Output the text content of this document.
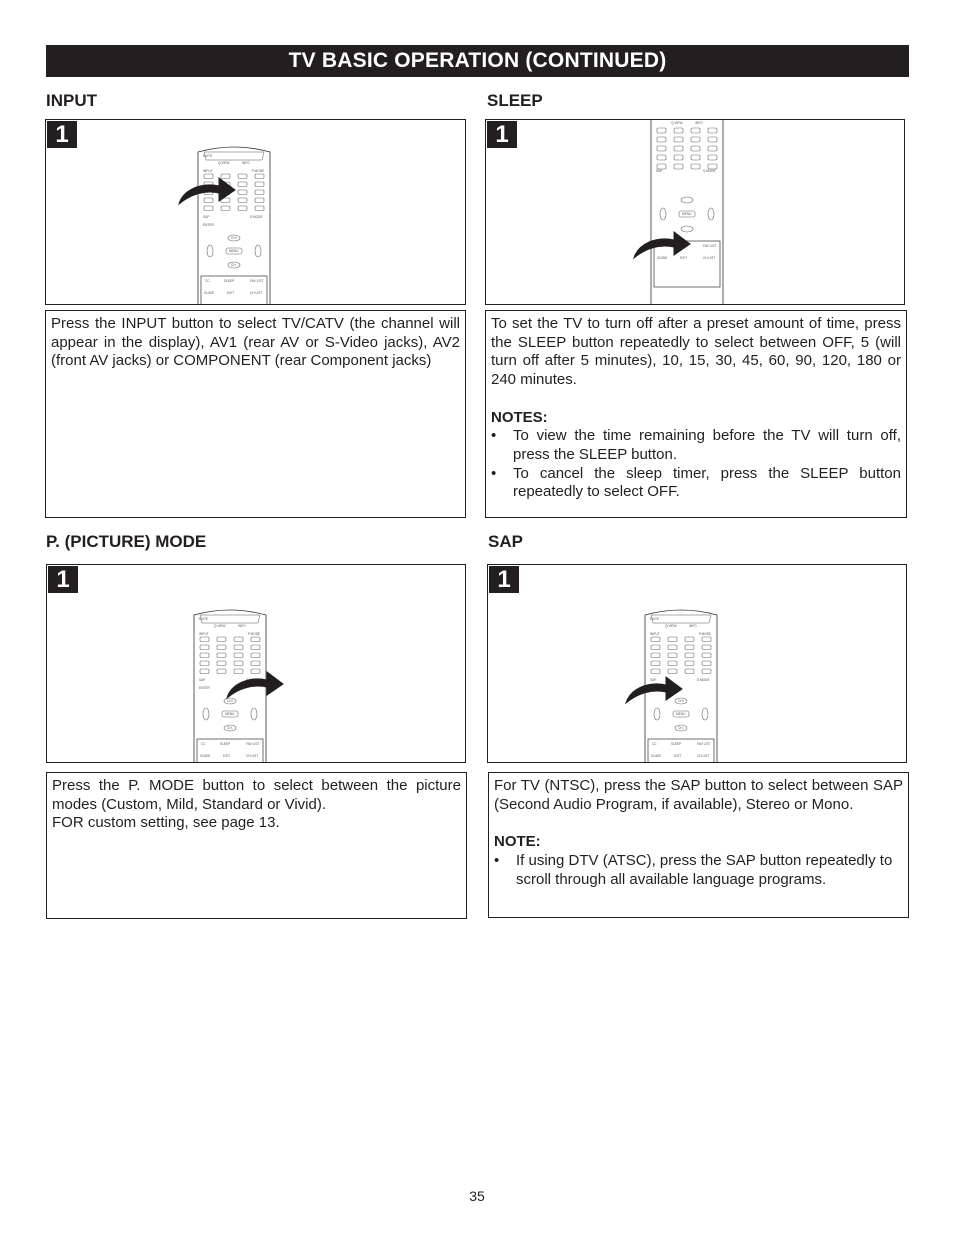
TV BASIC OPERATION (CONTINUED)
INPUT
1
MUTE
Q.VIEW	INFO
INPUT	P.MODE
SAP	S.MODE
ENTER
CH+
MENU
CH-
CC	SLEEP	FAV LIST
GUIDE	EXIT	CH LIST

Press the INPUT button to select TV/CATV (the channel will appear in the display), AV1 (rear AV or S-Video jacks), AV2 (front AV jacks) or COMPONENT (rear Component jacks)

SLEEP
1	Q.VIEW	INFO
SAP	S.MODE
MENU
FAV LIST
GUIDE	EXIT	CH LIST

To set the TV to turn off after a preset amount of time, press the SLEEP button repeatedly to select between OFF, 5 (will turn off after 5 minutes), 10, 15, 30, 45, 60, 90, 120, 180 or 240 minutes.

NOTES:

• To view the time remaining before the TV will turn off, press the SLEEP button.
• To cancel the sleep timer, press the SLEEP button repeatedly to select OFF.
P. (PICTURE) MODE
1
MUTE
Q.VIEW	INFO
INPUT	P.MODE
SAP
ENTER
CH+
MENU
CH-
CC	SLEEP	FAV LIST
GUIDE	EXIT	CH LIST

Press the P. MODE button to select between the picture modes (Custom, Mild, Standard or Vivid).

FOR custom setting, see page 13.

SAP
1
MUTE
Q.VIEW	INFO
INPUT	P.MODE
SAP	S.MODE
CH+
MENU
CH-
CC	SLEEP	FAV LIST
GUIDE	EXIT	CH LIST

For TV (NTSC), press the SAP button to select between SAP (Second Audio Program, if available), Stereo or Mono.

NOTE:

• If using DTV (ATSC), press the SAP button repeatedly to scroll through all available language programs.
35
